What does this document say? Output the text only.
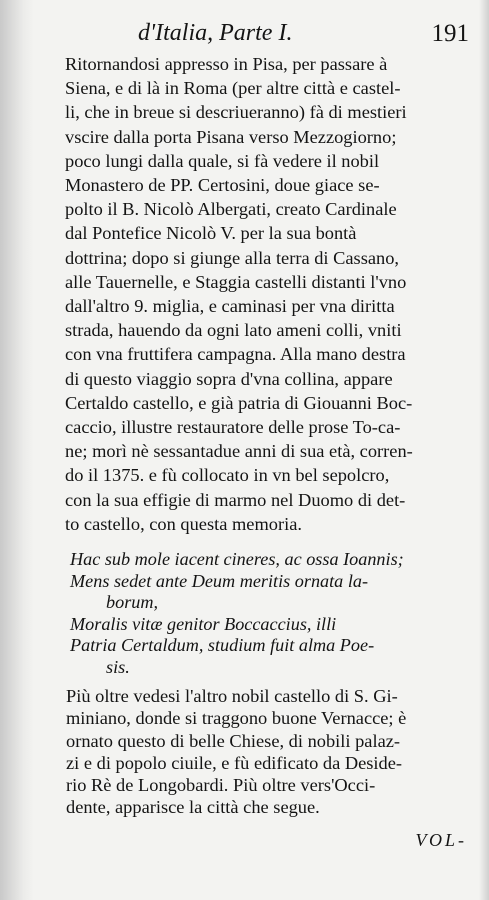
d'Italia, Parte I.	191
Ritornandosi appresso in Pisa, per passare à
Siena, e di là in Roma (per altre città e castel-
li, che in breue si descriueranno) fà di mestieri
vscire dalla porta Pisana verso Mezzogiorno;
poco lungi dalla quale, si fà vedere il nobil
Monastero de PP. Certosini, doue giace se-
polto il B. Nicolò Albergati, creato Cardinale
dal Pontefice Nicolò V. per la sua bontà
dottrina; dopo si giunge alla terra di Cassano,
alle Tauernelle, e Staggia castelli distanti l'vno
dall'altro 9. miglia, e caminasi per vna diritta
strada, hauendo da ogni lato ameni colli, vniti
con vna fruttifera campagna. Alla mano destra
di questo viaggio sopra d'vna collina, appare
Certaldo castello, e già patria di Giouanni Boc-
caccio, illustre restauratore delle prose To-ca-
ne; morì nè sessantadue anni di sua età, corren-
do il 1375. e fù collocato in vn bel sepolcro,
con la sua effigie di marmo nel Duomo di det-
to castello, con questa memoria.
Hac sub mole iacent cineres, ac ossa Ioannis;
Mens sedet ante Deum meritis ornata la-
borum,
Moralis vitæ genitor Boccaccius, illi
Patria Certaldum, studium fuit alma Poe-
sis.
Più oltre vedesi l'altro nobil castello di S. Gi-
miniano, donde si traggono buone Vernacce; è
ornato questo di belle Chiese, di nobili palaz-
zi e di popolo ciuile, e fù edificato da Deside-
rio Rè de Longobardi. Più oltre vers'Occi-
dente, apparisce la città che segue.
VOL-
